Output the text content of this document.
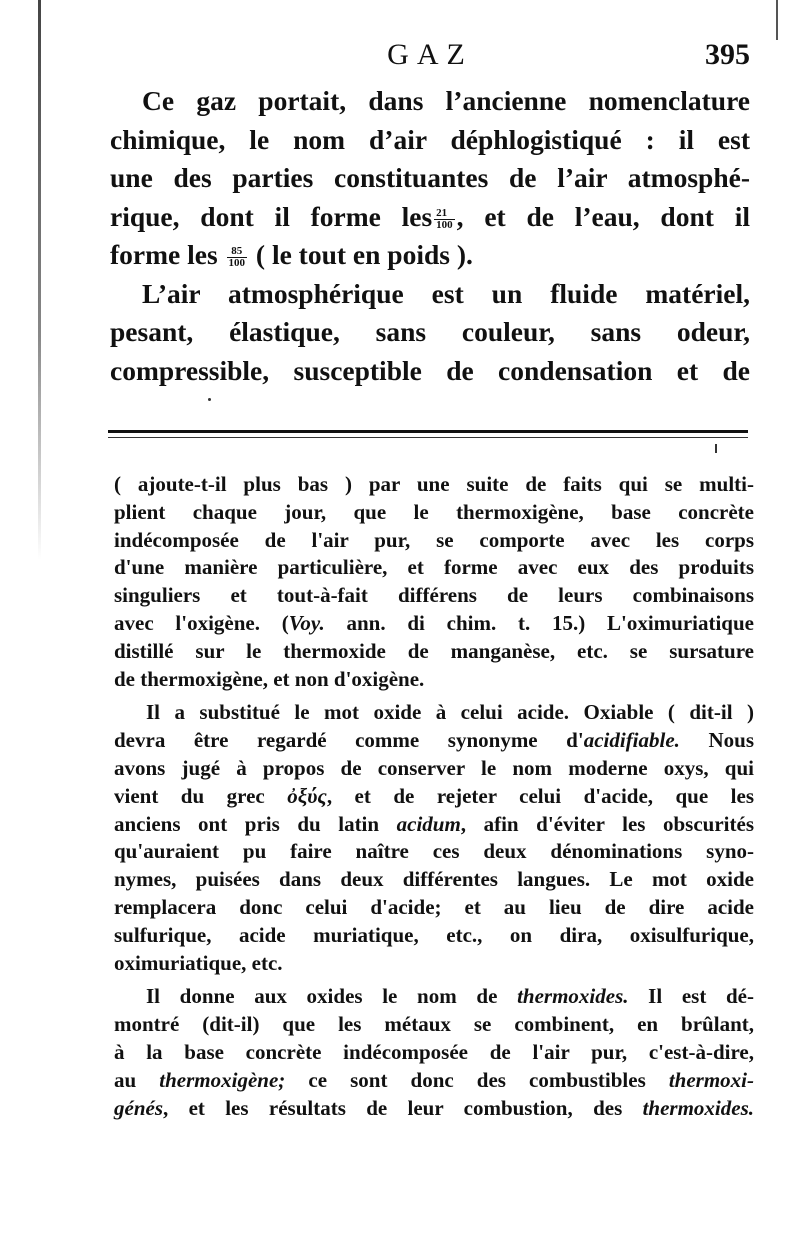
GAZ	395
Ce gaz portait, dans l’ancienne nomenclature
chimique, le nom d’air déphlogistiqué : il est
une des parties constituantes de l’air atmosphé-
rique, dont il forme les $\frac{21}{100}$ , et de l’eau, dont il
forme les $\frac{85}{100}$ ( le tout en poids ).
L’air atmosphérique est un fluide matériel,
pesant, élastique, sans couleur, sans odeur,
compressible, susceptible de condensation et de
( ajoute-t-il plus bas ) par une suite de faits qui se multi-
plient chaque jour, que le thermoxigène, base concrète
indécomposée de l'air pur, se comporte avec les corps
d'une manière particulière, et forme avec eux des produits
singuliers et tout-à-fait différens de leurs combinaisons
avec l'oxigène. (Voy. ann. di chim. t. 15.) L'oximuriatique
distillé sur le thermoxide de manganèse, etc. se sursature
de thermoxigène, et non d'oxigène.
Il a substitué le mot oxide à celui acide. Oxiable ( dit-il )
devra être regardé comme synonyme d'acidifiable. Nous
avons jugé à propos de conserver le nom moderne oxys, qui
vient du grec ὀξύς, et de rejeter celui d'acide, que les
anciens ont pris du latin acidum, afin d'éviter les obscurités
qu'auraient pu faire naître ces deux dénominations syno-
nymes, puisées dans deux différentes langues. Le mot oxide
remplacera donc celui d'acide; et au lieu de dire acide
sulfurique, acide muriatique, etc., on dira, oxisulfurique,
oximuriatique, etc.
Il donne aux oxides le nom de thermoxides. Il est dé-
montré (dit-il) que les métaux se combinent, en brûlant,
à la base concrète indécomposée de l'air pur, c'est-à-dire,
au thermoxigène; ce sont donc des combustibles thermoxi-
génés, et les résultats de leur combustion, des thermoxides.
